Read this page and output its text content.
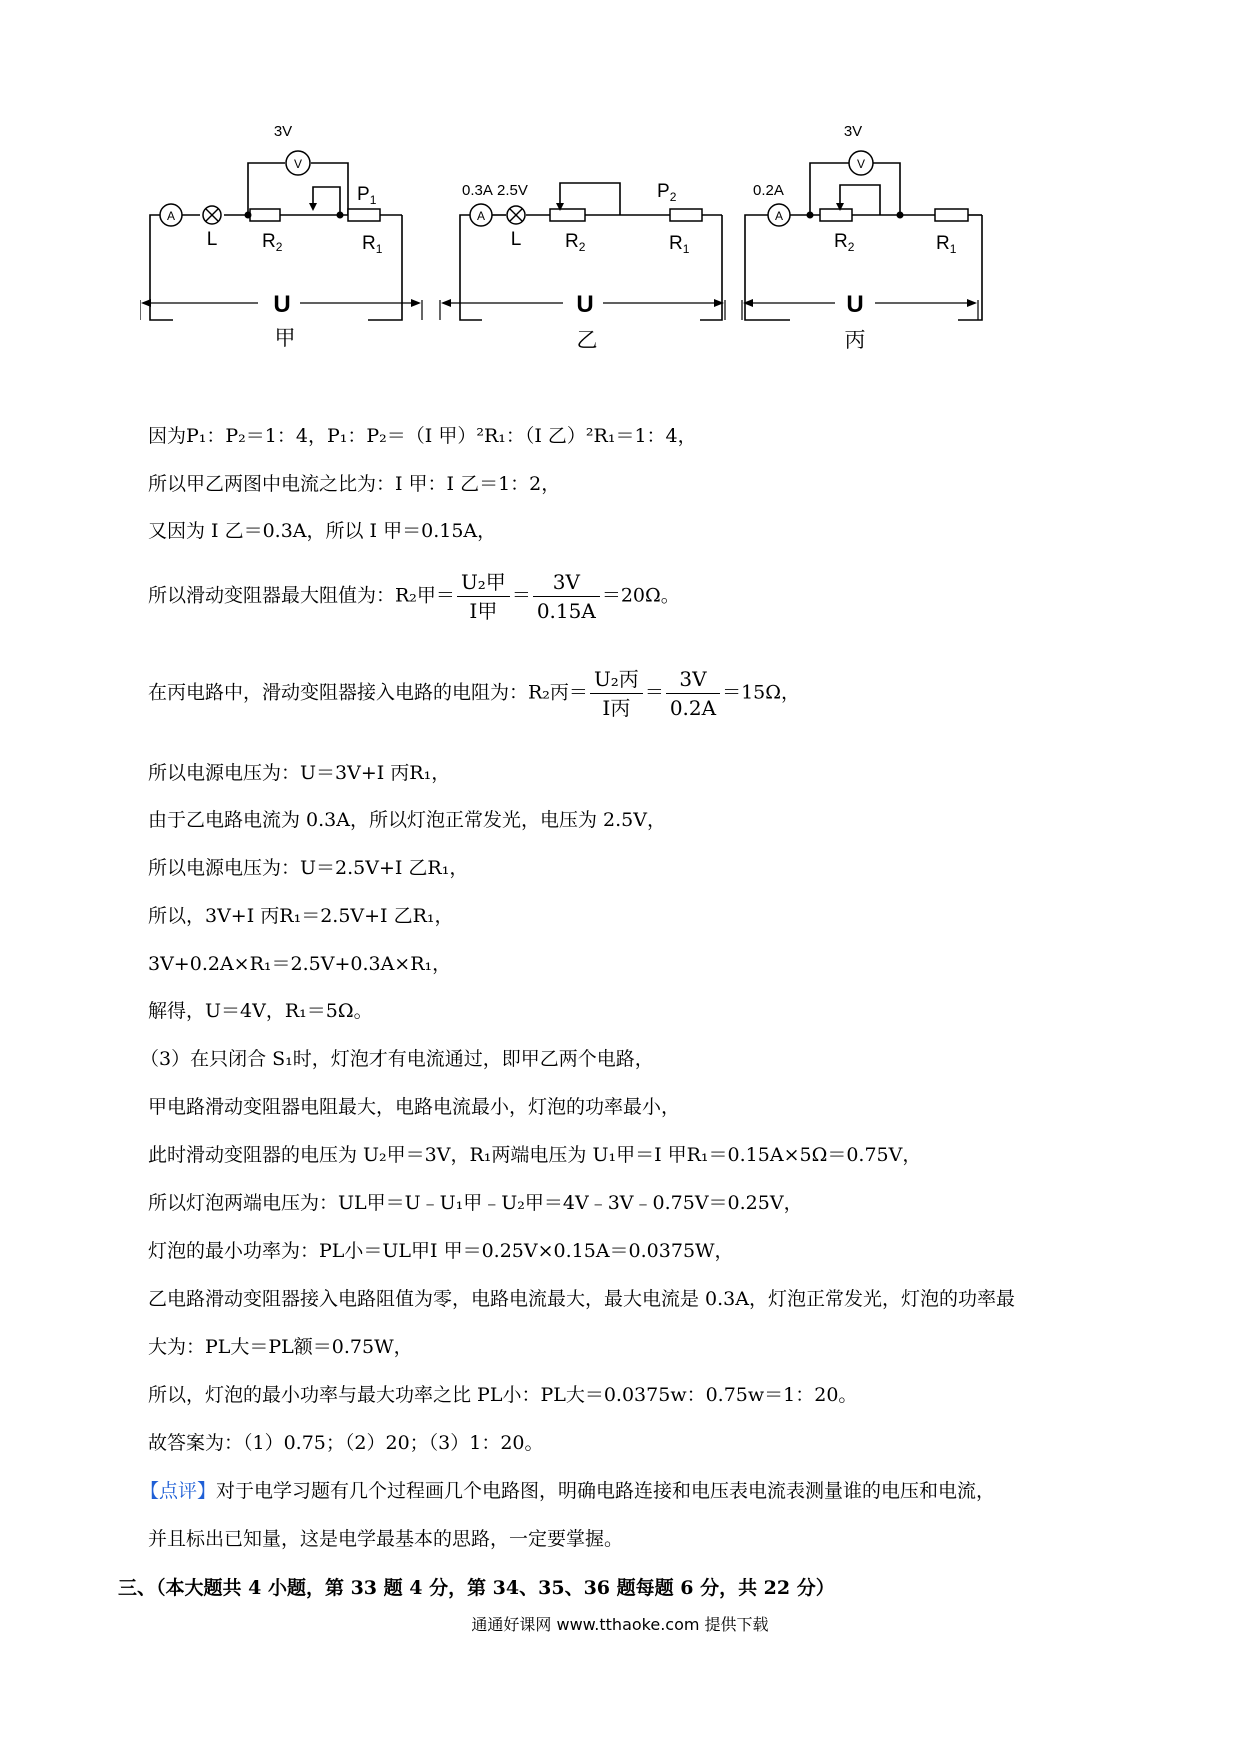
A
V
A	A
V
3V
L $R_2$
$P_1$
$R_1$
U
甲
0.3A 2.5V
L $R_2$
$P_2$
$R_1$
U
乙
3V
0.2A
$R_2$	$R_1$
U
丙
因为P₁：P₂＝1：4，P₁：P₂＝（I 甲）²R₁：（I 乙）²R₁＝1：4，
所以甲乙两图中电流之比为：I 甲：I 乙＝1：2，
又因为 I 乙＝0.3A，所以 I 甲＝0.15A，
所以滑动变阻器最大阻值为：R₂甲＝ $\frac{\text{U₂甲}}{\text{I甲}} = \frac{3V}{0.15A} =20\Omega$。
在丙电路中，滑动变阻器接入电路的电阻为：R₂丙＝ $\frac{\text{U₂丙}}{\text{I丙}} = \frac{3V}{0.2A} =15\Omega$，
所以电源电压为：U＝3V+I 丙R₁，
由于乙电路电流为 0.3A，所以灯泡正常发光，电压为 2.5V，
所以电源电压为：U＝2.5V+I 乙R₁，
所以，3V+I 丙R₁＝2.5V+I 乙R₁，
3V+0.2A×R₁＝2.5V+0.3A×R₁，
解得，U＝4V，R₁＝5Ω。
（3）在只闭合 S₁时，灯泡才有电流通过，即甲乙两个电路，
甲电路滑动变阻器电阻最大，电路电流最小，灯泡的功率最小，
此时滑动变阻器的电压为 U₂甲＝3V，R₁两端电压为 U₁甲＝I 甲R₁＝0.15A×5Ω＝0.75V，
所以灯泡两端电压为：UL甲＝U﹣U₁甲﹣U₂甲＝4V﹣3V﹣0.75V＝0.25V，
灯泡的最小功率为：PL小＝UL甲I 甲＝0.25V×0.15A＝0.0375W，
乙电路滑动变阻器接入电路阻值为零，电路电流最大，最大电流是 0.3A，灯泡正常发光，灯泡的功率最
大为：PL大＝PL额＝0.75W，
所以，灯泡的最小功率与最大功率之比 PL小：PL大＝0.0375w：0.75w＝1：20。
故答案为：（1）0.75；（2）20；（3）1：20。
【点评】对于电学习题有几个过程画几个电路图，明确电路连接和电压表电流表测量谁的电压和电流，
并且标出已知量，这是电学最基本的思路，一定要掌握。
三、（本大题共 4 小题，第 33 题 4 分，第 34、35、36 题每题 6 分，共 22 分）
通通好课网 www.tthaoke.com 提供下载
